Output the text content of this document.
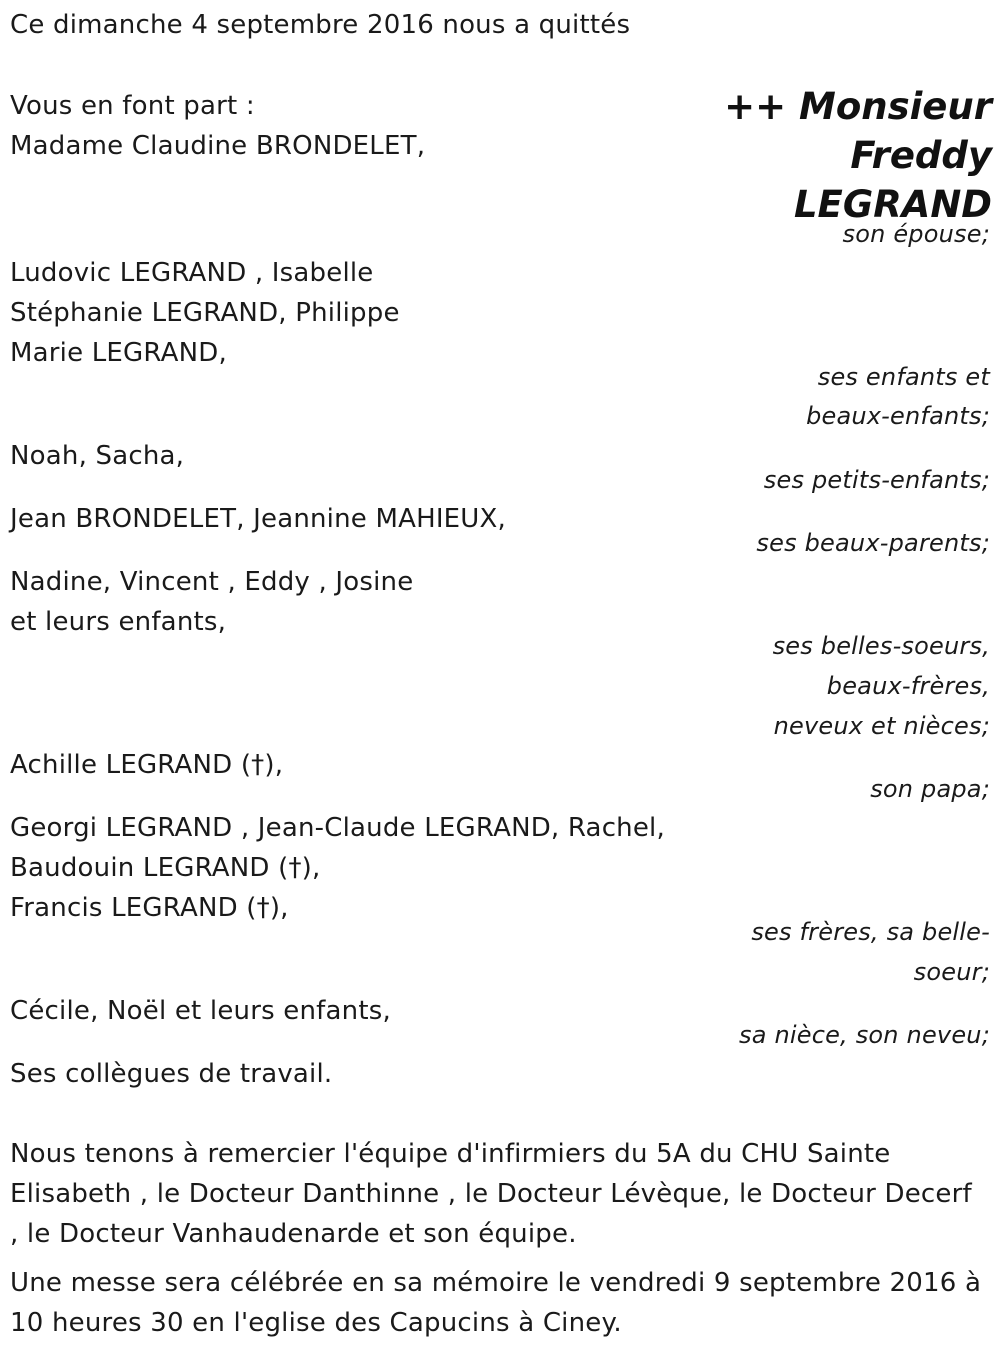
Ce dimanche 4 septembre 2016 nous a quittés
Vous en font part :	++ Monsieur
Freddy
LEGRAND
Madame Claudine BRONDELET,
son épouse;
Ludovic LEGRAND , Isabelle
Stéphanie LEGRAND, Philippe
Marie LEGRAND,
ses enfants et
beaux-enfants;
Noah, Sacha,
ses petits-enfants;
Jean BRONDELET, Jeannine MAHIEUX,
ses beaux-parents;
Nadine, Vincent , Eddy , Josine
et leurs enfants,
ses belles-soeurs,
beaux-frères,
neveux et nièces;
Achille LEGRAND (†),
son papa;
Georgi LEGRAND , Jean-Claude LEGRAND, Rachel,
Baudouin LEGRAND (†),
Francis LEGRAND (†),
ses frères, sa belle-
soeur;
Cécile, Noël et leurs enfants,
sa nièce, son neveu;
Ses collègues de travail.
Nous tenons à remercier l'équipe d'infirmiers du 5A du CHU Sainte
Elisabeth , le Docteur Danthinne , le Docteur Lévèque, le Docteur Decerf
, le Docteur Vanhaudenarde et son équipe.
Une messe sera célébrée en sa mémoire le vendredi 9 septembre 2016 à
10 heures 30 en l'eglise des Capucins à Ciney.
